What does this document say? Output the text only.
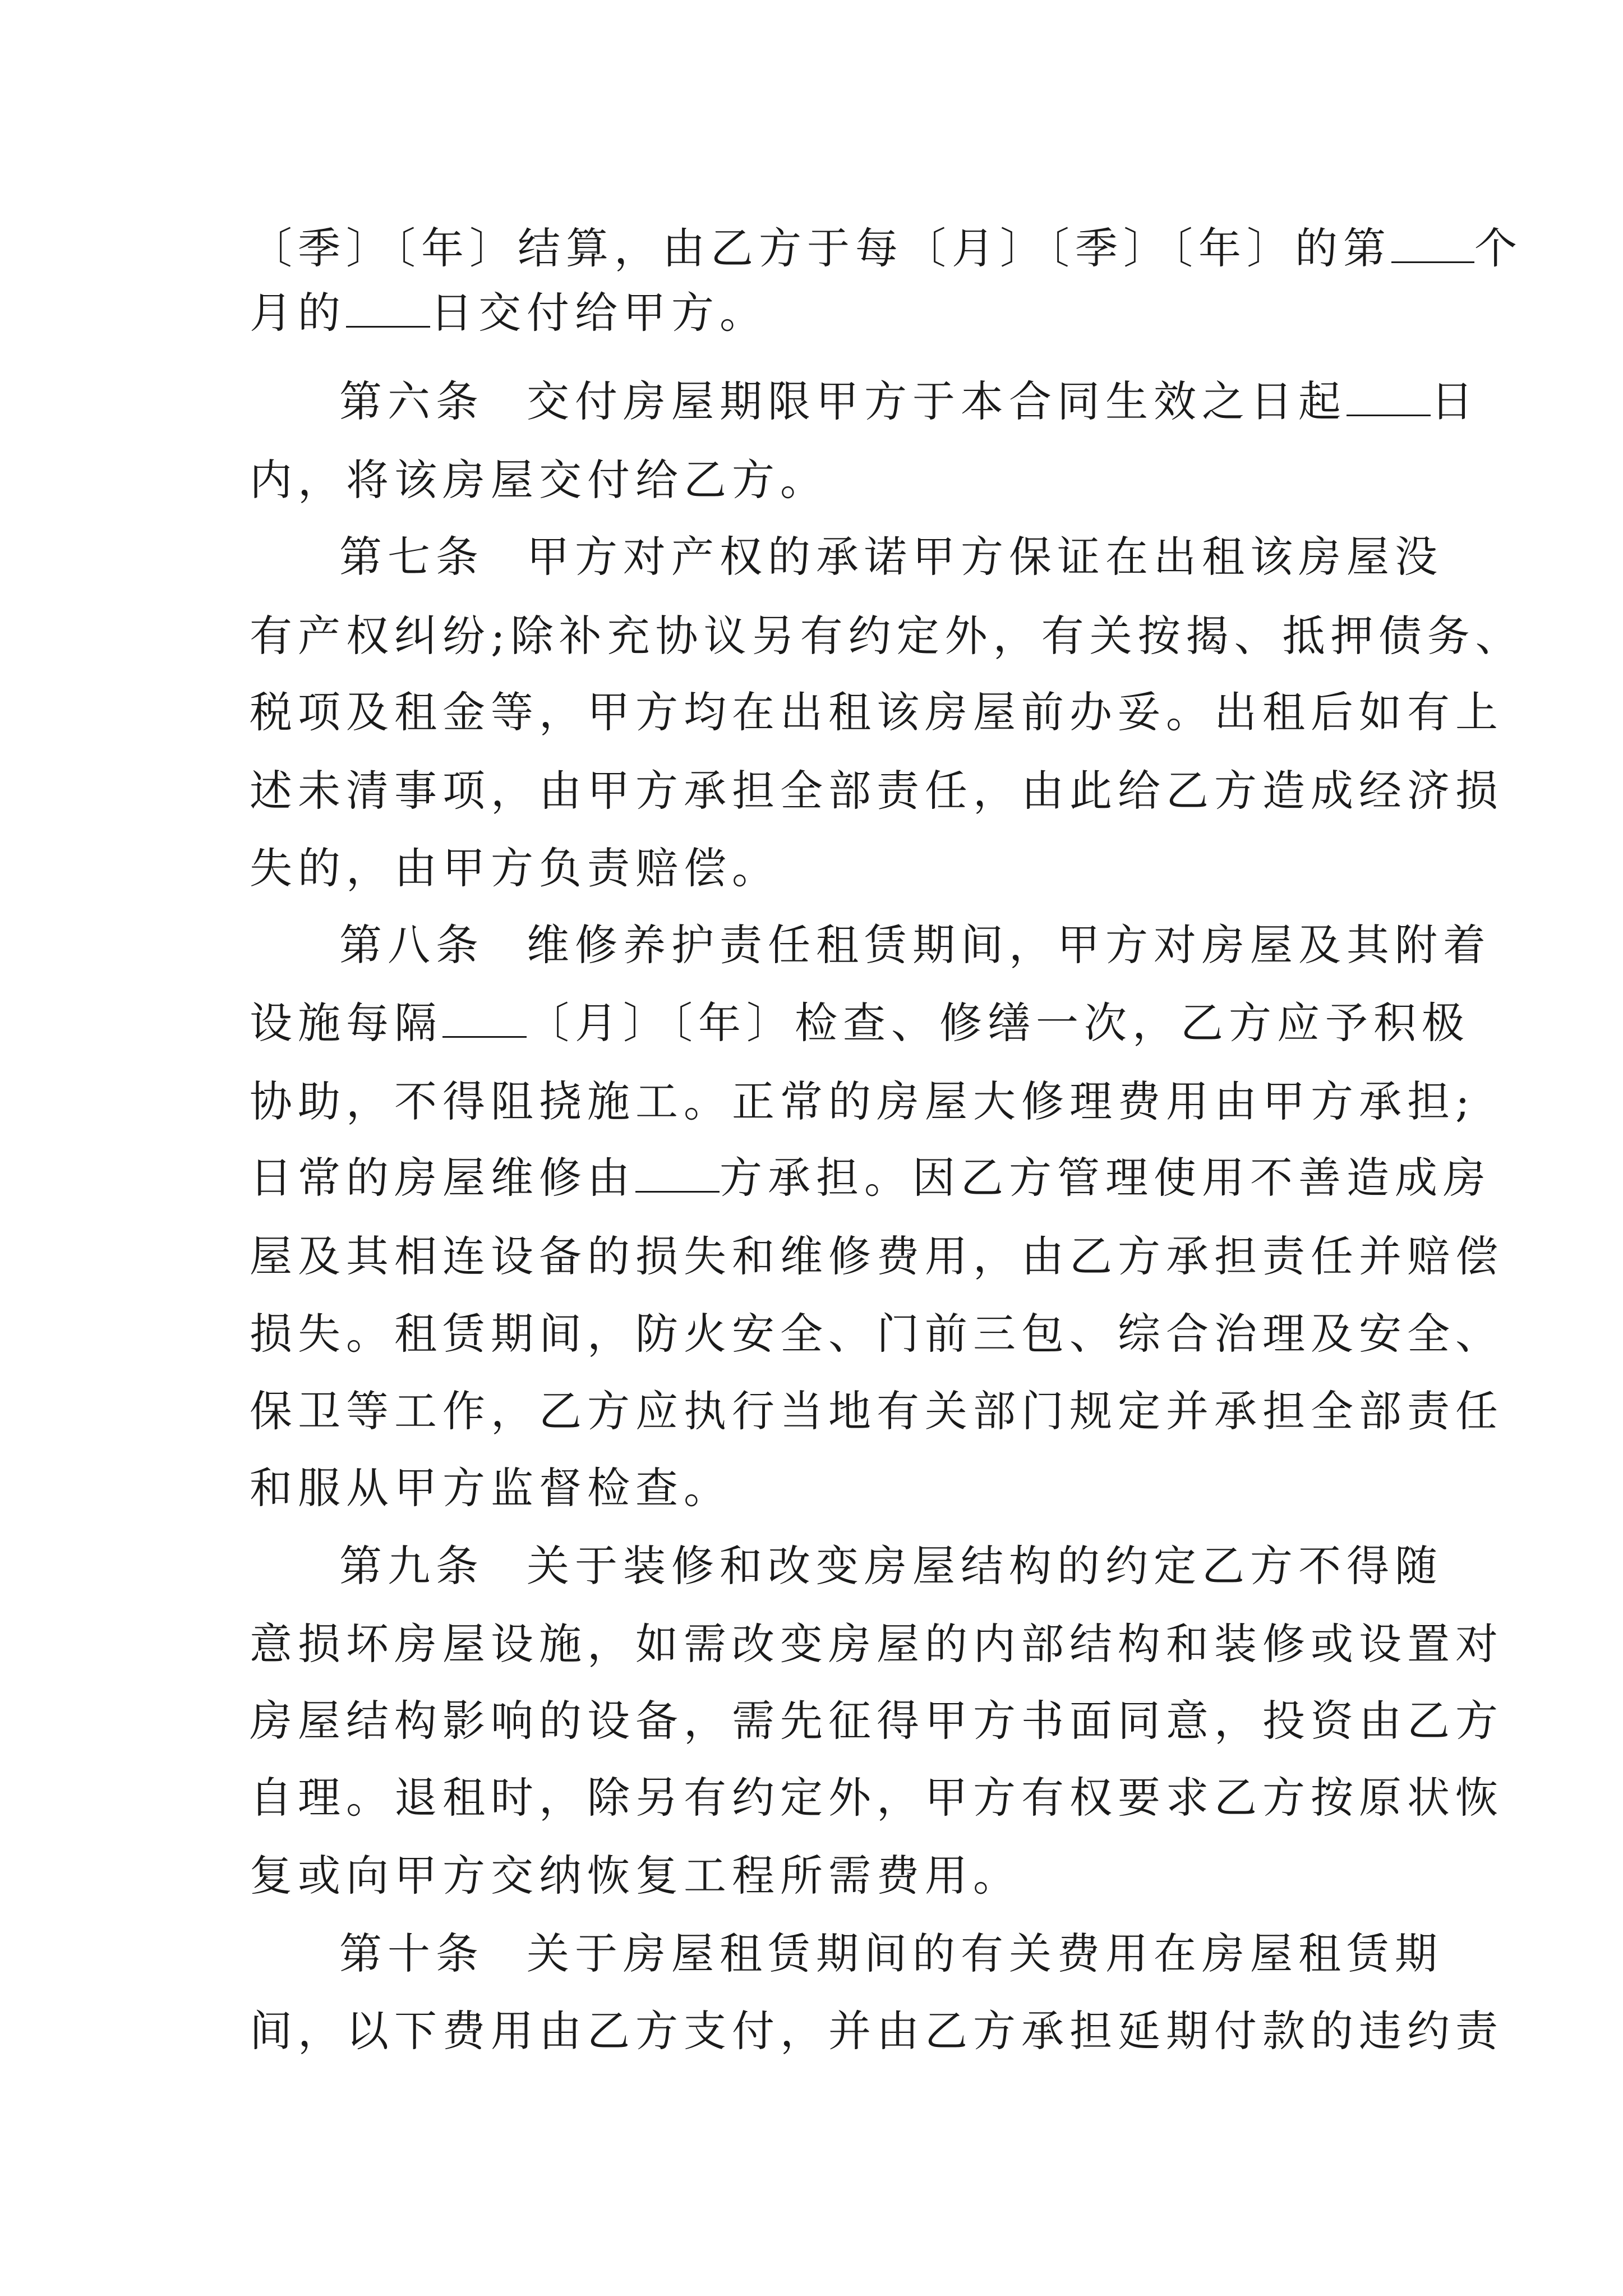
〔季〕〔年〕结算，由乙方于每〔月〕〔季〕〔年〕的第 个
月的 日交付给甲方。
第六条 交付房屋期限甲方于本合同生效之日起 日
内，将该房屋交付给乙方。
第七条 甲方对产权的承诺甲方保证在出租该房屋没
有产权纠纷;除补充协议另有约定外，有关按揭、抵押债务、
税项及租金等，甲方均在出租该房屋前办妥。出租后如有上
述未清事项，由甲方承担全部责任，由此给乙方造成经济损
失的，由甲方负责赔偿。
第八条 维修养护责任租赁期间，甲方对房屋及其附着
设施每隔 〔月〕〔年〕检查、修缮一次，乙方应予积极
协助，不得阻挠施工。正常的房屋大修理费用由甲方承担;
日常的房屋维修由 方承担。因乙方管理使用不善造成房
屋及其相连设备的损失和维修费用，由乙方承担责任并赔偿
损失。租赁期间，防火安全、门前三包、综合治理及安全、
保卫等工作，乙方应执行当地有关部门规定并承担全部责任
和服从甲方监督检查。
第九条 关于装修和改变房屋结构的约定乙方不得随
意损坏房屋设施，如需改变房屋的内部结构和装修或设置对
房屋结构影响的设备，需先征得甲方书面同意，投资由乙方
自理。退租时，除另有约定外，甲方有权要求乙方按原状恢
复或向甲方交纳恢复工程所需费用。
第十条 关于房屋租赁期间的有关费用在房屋租赁期
间，以下费用由乙方支付，并由乙方承担延期付款的违约责
